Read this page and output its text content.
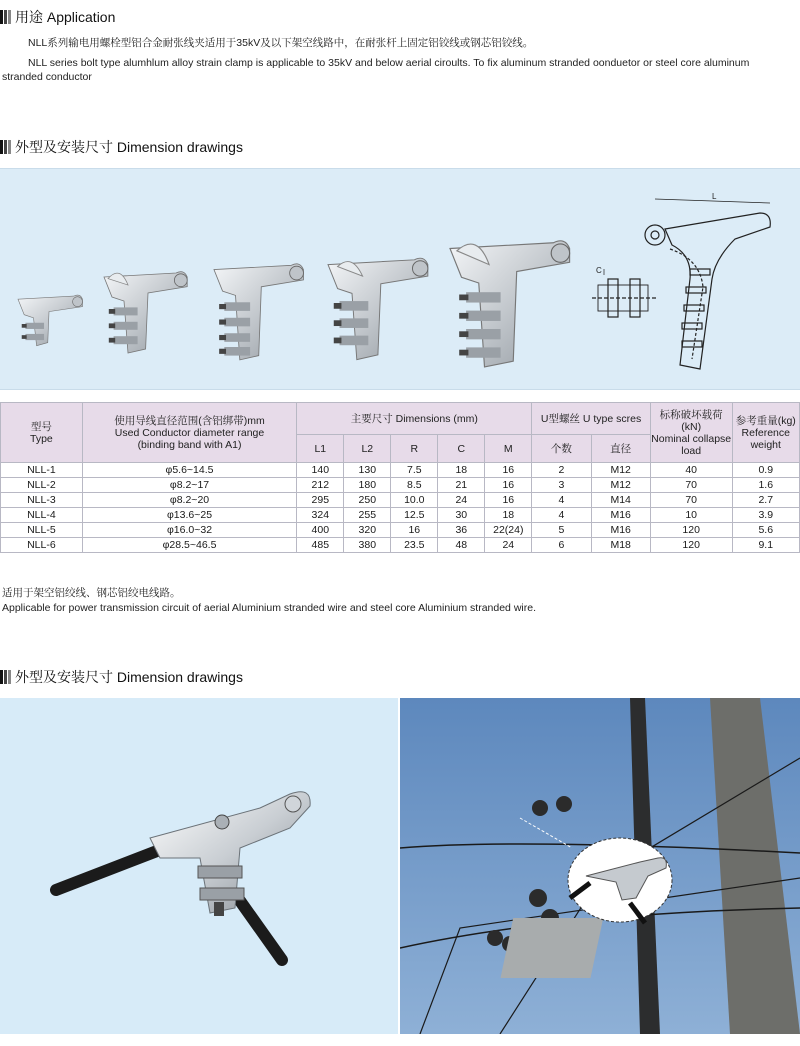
用途 Application
NLL系列输电用螺栓型铝合金耐张线夹适用于35kV及以下架空线路中，在耐张杆上固定铝铰线或钢芯铝铰线。
NLL series bolt type alumhlum alloy strain clamp is applicable to 35kV and below aerial ciroults. To fix aluminum stranded oonduetor or steel core aluminum stranded conductor
外型及安装尺寸 Dimension drawings
L
C
型号
Type	使用导线直径范围(含铝绑带)mm
Used Conductor diameter range
(binding band with A1)	主要尺寸 Dimensions (mm)					U型螺丝 U type scres		标称破坏载荷(kN)
Nominal collapse
load	参考重量(kg)
Reference
weight
		L1	L2	R	C	M	个数	直径		
NLL-1	φ5.6~14.5	140	130	7.5	18	16	2	M12	40	0.9
NLL-2	φ8.2~17	212	180	8.5	21	16	3	M12	70	1.6
NLL-3	φ8.2~20	295	250	10.0	24	16	4	M14	70	2.7
NLL-4	φ13.6~25	324	255	12.5	30	18	4	M16	10	3.9
NLL-5	φ16.0~32	400	320	16	36	22(24)	5	M16	120	5.6
NLL-6	φ28.5~46.5	485	380	23.5	48	24	6	M18	120	9.1
适用于架空铝绞线、钢芯铝绞电线路。
Applicable for power transmission circuit of aerial Aluminium stranded wire and steel core Aluminium stranded wire.
外型及安装尺寸 Dimension drawings
